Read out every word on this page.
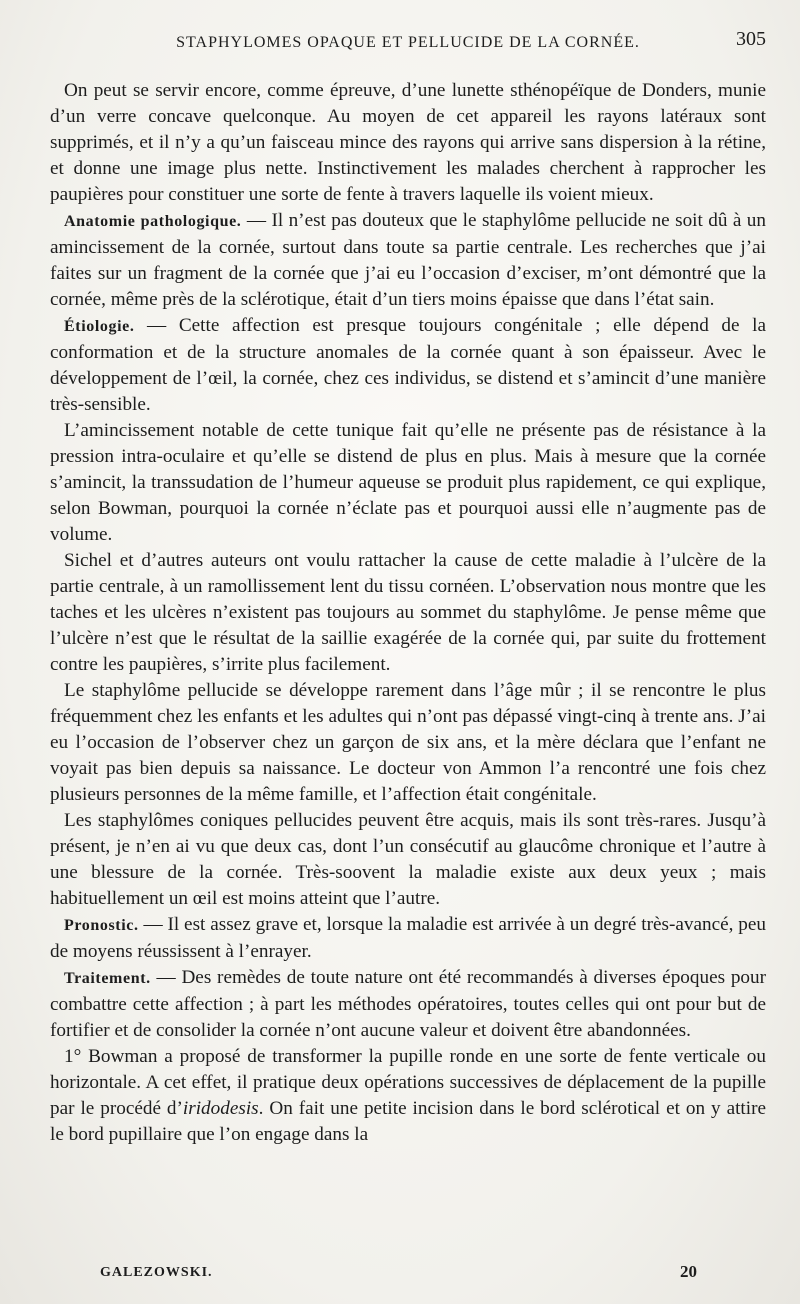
STAPHYLOMES OPAQUE ET PELLUCIDE DE LA CORNÉE.	305

On peut se servir encore, comme épreuve, d’une lunette sthénopéïque de Donders, munie d’un verre concave quelconque. Au moyen de cet appareil les rayons latéraux sont supprimés, et il n’y a qu’un faisceau mince des rayons qui arrive sans dispersion à la rétine, et donne une image plus nette. Instinctivement les malades cherchent à rapprocher les paupières pour constituer une sorte de fente à travers laquelle ils voient mieux.

Anatomie pathologique. — Il n’est pas douteux que le staphylôme pellucide ne soit dû à un amincissement de la cornée, surtout dans toute sa partie centrale. Les recherches que j’ai faites sur un fragment de la cornée que j’ai eu l’occasion d’exciser, m’ont démontré que la cornée, même près de la sclérotique, était d’un tiers moins épaisse que dans l’état sain.

Étiologie. — Cette affection est presque toujours congénitale ; elle dépend de la conformation et de la structure anomales de la cornée quant à son épaisseur. Avec le développement de l’œil, la cornée, chez ces individus, se distend et s’amincit d’une manière très-sensible.

L’amincissement notable de cette tunique fait qu’elle ne présente pas de résistance à la pression intra-oculaire et qu’elle se distend de plus en plus. Mais à mesure que la cornée s’amincit, la transsudation de l’humeur aqueuse se produit plus rapidement, ce qui explique, selon Bowman, pourquoi la cornée n’éclate pas et pourquoi aussi elle n’augmente pas de volume.

Sichel et d’autres auteurs ont voulu rattacher la cause de cette maladie à l’ulcère de la partie centrale, à un ramollissement lent du tissu cornéen. L’observation nous montre que les taches et les ulcères n’existent pas toujours au sommet du staphylôme. Je pense même que l’ulcère n’est que le résultat de la saillie exagérée de la cornée qui, par suite du frottement contre les paupières, s’irrite plus facilement.

Le staphylôme pellucide se développe rarement dans l’âge mûr ; il se rencontre le plus fréquemment chez les enfants et les adultes qui n’ont pas dépassé vingt-cinq à trente ans. J’ai eu l’occasion de l’observer chez un garçon de six ans, et la mère déclara que l’enfant ne voyait pas bien depuis sa naissance. Le docteur von Ammon l’a rencontré une fois chez plusieurs personnes de la même famille, et l’affection était congénitale.

Les staphylômes coniques pellucides peuvent être acquis, mais ils sont très-rares. Jusqu’à présent, je n’en ai vu que deux cas, dont l’un consécutif au glaucôme chronique et l’autre à une blessure de la cornée. Très-soovent la maladie existe aux deux yeux ; mais habituellement un œil est moins atteint que l’autre.

Pronostic. — Il est assez grave et, lorsque la maladie est arrivée à un degré très-avancé, peu de moyens réussissent à l’enrayer.

Traitement. — Des remèdes de toute nature ont été recommandés à diverses époques pour combattre cette affection ; à part les méthodes opératoires, toutes celles qui ont pour but de fortifier et de consolider la cornée n’ont aucune valeur et doivent être abandonnées.

1° Bowman a proposé de transformer la pupille ronde en une sorte de fente verticale ou horizontale. A cet effet, il pratique deux opérations successives de déplacement de la pupille par le procédé d’iridodesis. On fait une petite incision dans le bord sclérotical et on y attire le bord pupillaire que l’on engage dans la

GALEZOWSKI.	20
